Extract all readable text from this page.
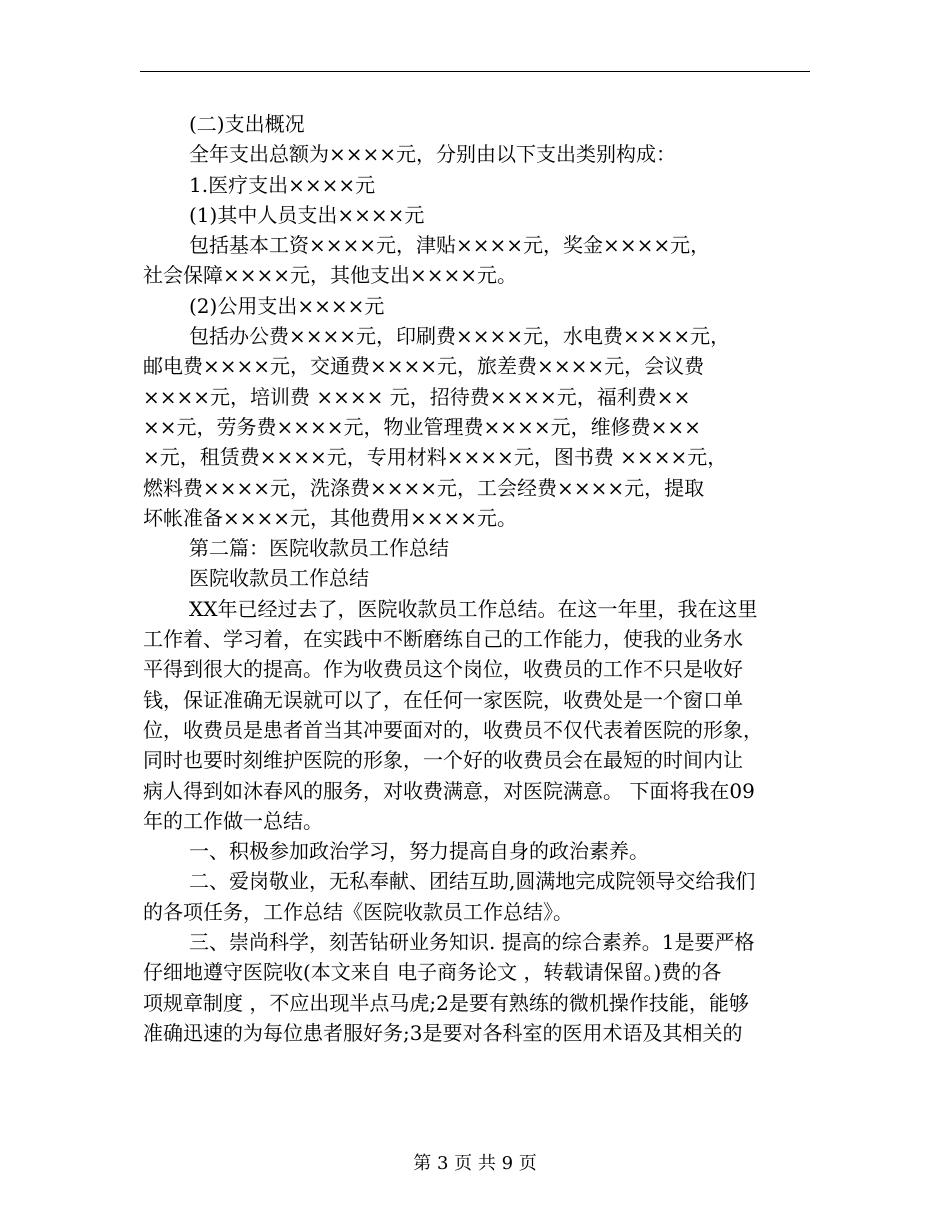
(二)支出概况
全年支出总额为××××元，分别由以下支出类别构成：
1.医疗支出××××元
(1)其中人员支出××××元
包括基本工资××××元，津贴××××元，奖金××××元，
社会保障××××元，其他支出××××元。
(2)公用支出××××元
包括办公费××××元，印刷费××××元，水电费××××元，
邮电费××××元，交通费××××元，旅差费××××元，会议费
××××元，培训费 ×××× 元，招待费××××元，福利费××
××元，劳务费××××元，物业管理费××××元，维修费×××
×元，租赁费××××元，专用材料××××元，图书费 ××××元，
燃料费××××元，洗涤费××××元，工会经费××××元，提取
坏帐准备××××元，其他费用××××元。
第二篇：医院收款员工作总结
医院收款员工作总结
XX年已经过去了，医院收款员工作总结。在这一年里，我在这里
工作着、学习着，在实践中不断磨练自己的工作能力，使我的业务水
平得到很大的提高。作为收费员这个岗位，收费员的工作不只是收好
钱，保证准确无误就可以了，在任何一家医院，收费处是一个窗口单
位，收费员是患者首当其冲要面对的，收费员不仅代表着医院的形象，
同时也要时刻维护医院的形象，一个好的收费员会在最短的时间内让
病人得到如沐春风的服务，对收费满意，对医院满意。 下面将我在09
年的工作做一总结。
一、积极参加政治学习，努力提高自身的政治素养。
二、爱岗敬业，无私奉献、团结互助,圆满地完成院领导交给我们
的各项任务，工作总结《医院收款员工作总结》。
三、崇尚科学，刻苦钻研业务知识. 提高的综合素养。1是要严格
仔细地遵守医院收(本文来自 电子商务论文 ，转载请保留。)费的各
项规章制度 ，不应出现半点马虎;2是要有熟练的微机操作技能，能够
准确迅速的为每位患者服好务;3是要对各科室的医用术语及其相关的
第 3 页 共 9 页
